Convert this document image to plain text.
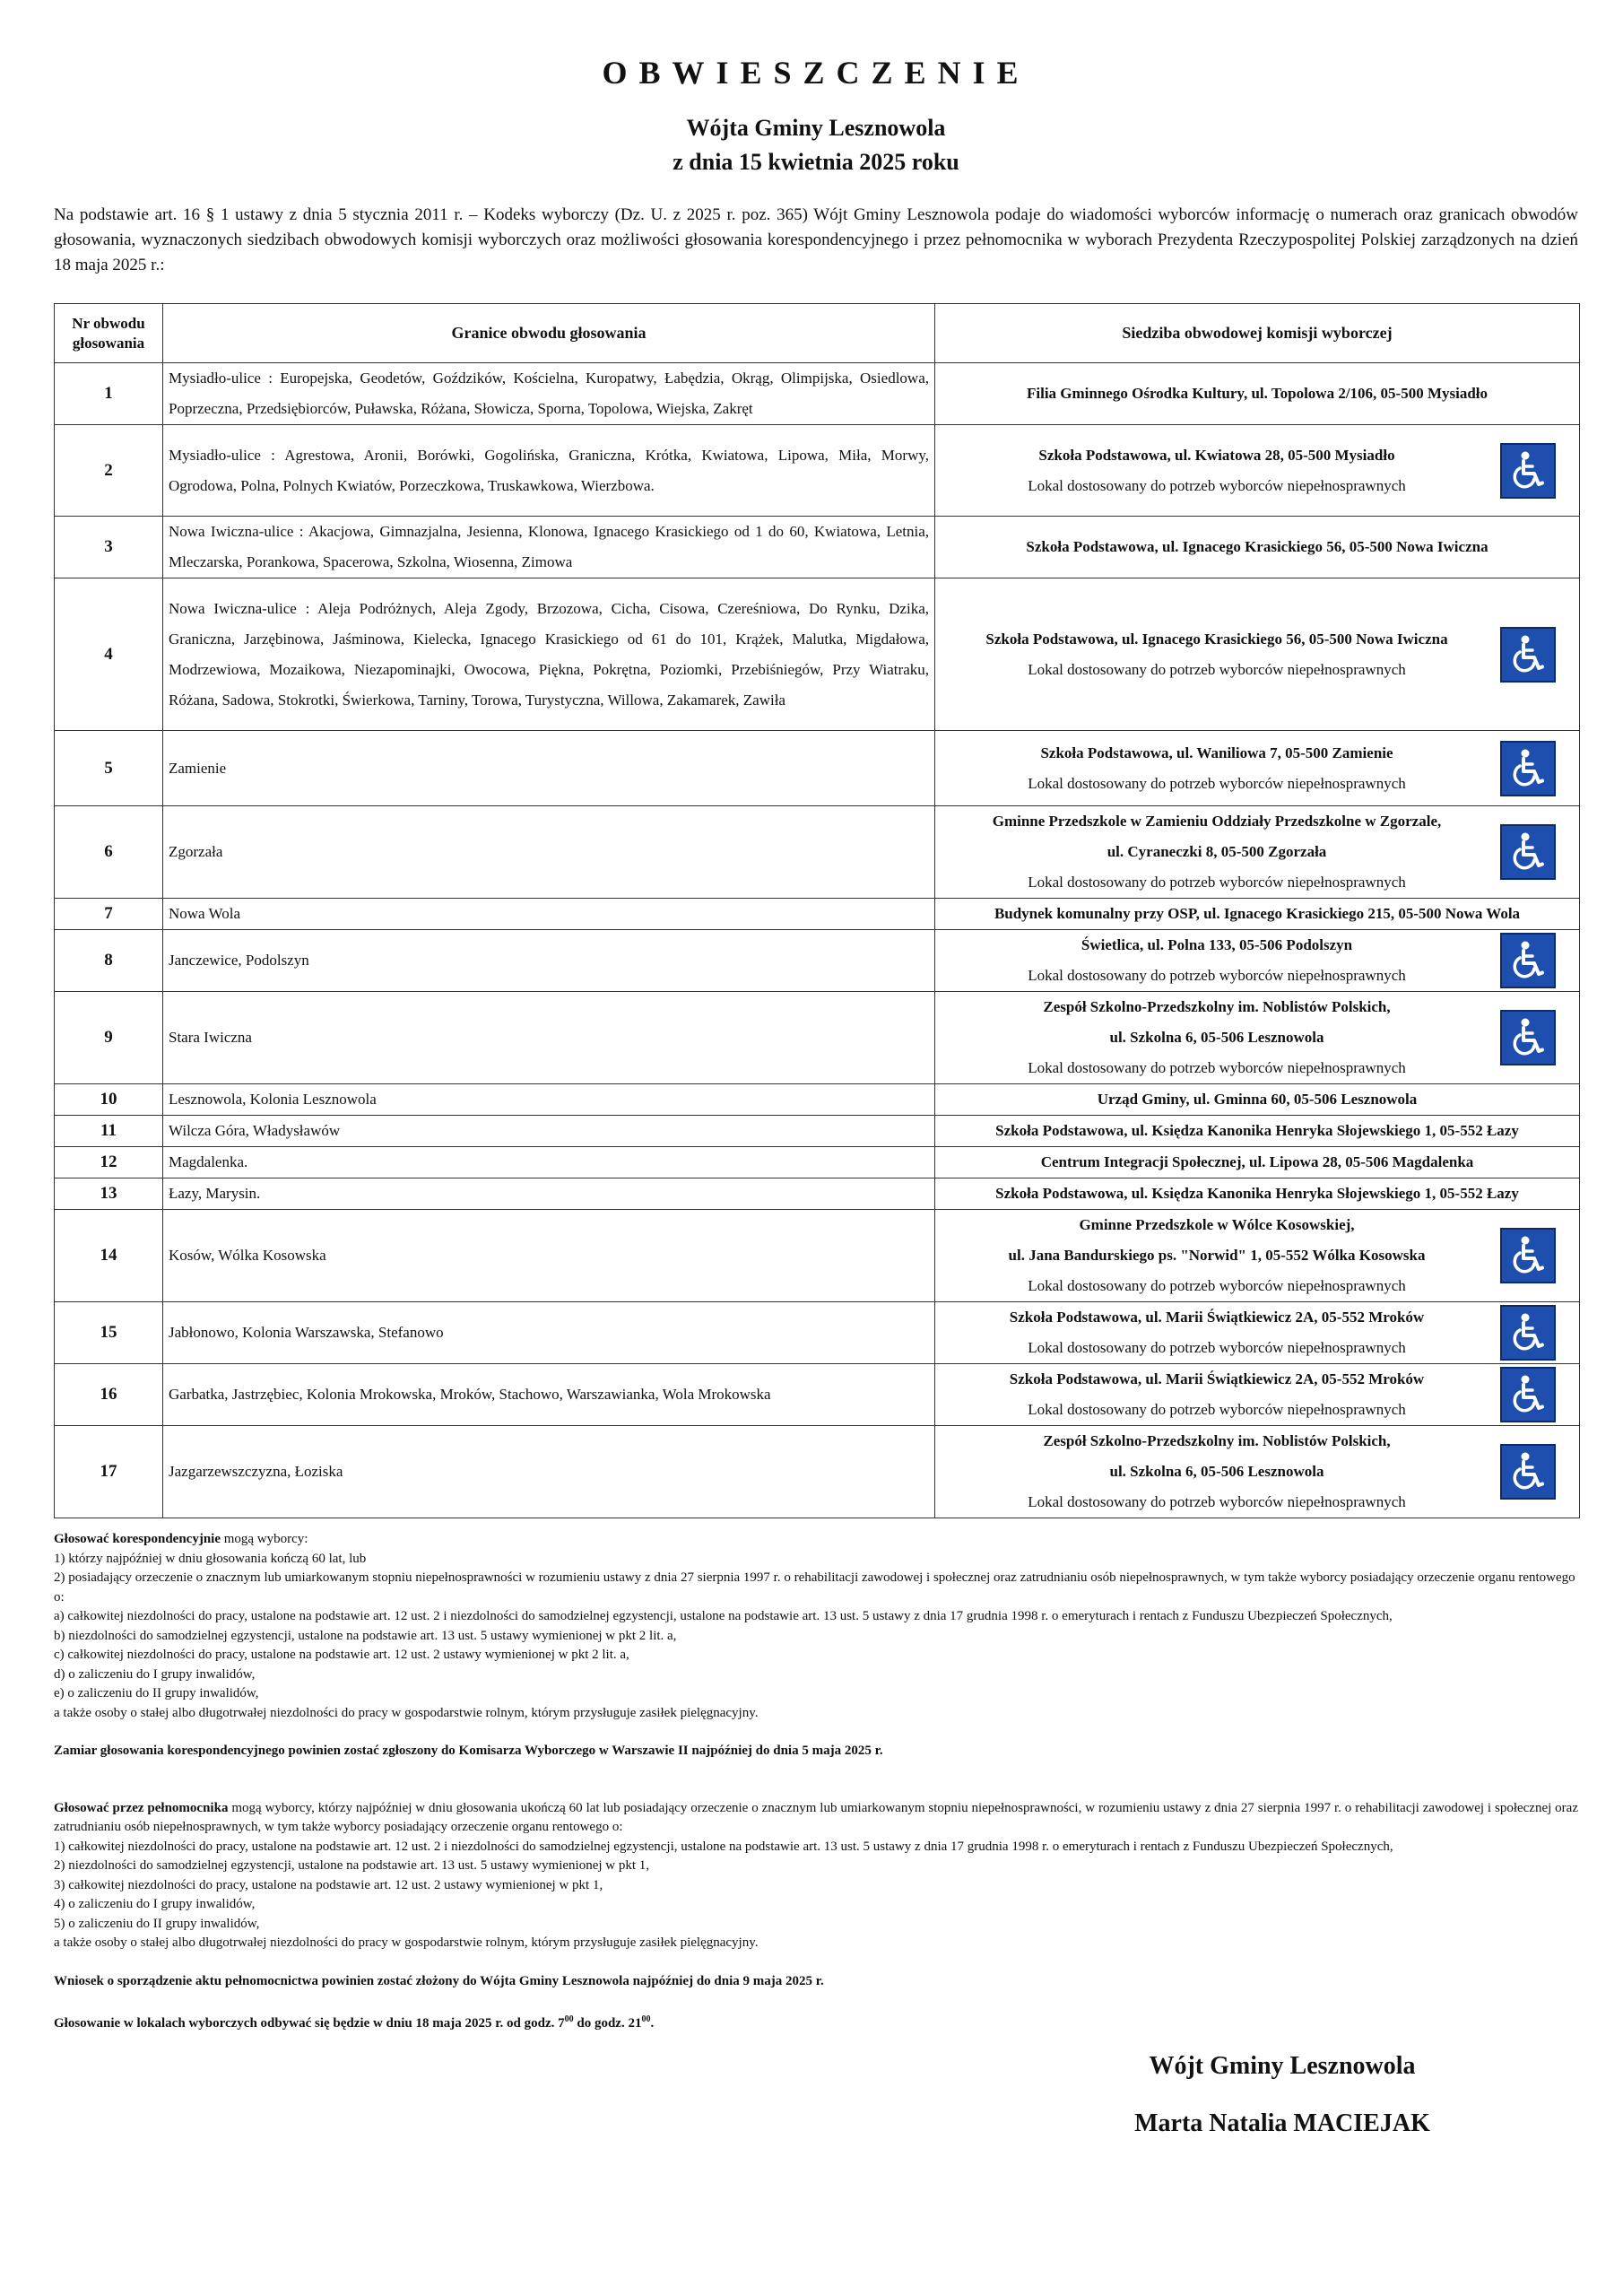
OBWIESZCZENIE
Wójta Gminy Lesznowola
z dnia 15 kwietnia 2025 roku
Na podstawie art. 16 § 1 ustawy z dnia 5 stycznia 2011 r. – Kodeks wyborczy (Dz. U. z 2025 r. poz. 365) Wójt Gminy Lesznowola podaje do wiadomości wyborców informację o numerach oraz granicach obwodów głosowania, wyznaczonych siedzibach obwodowych komisji wyborczych oraz możliwości głosowania korespondencyjnego i przez pełnomocnika w wyborach Prezydenta Rzeczypospolitej Polskiej zarządzonych na dzień 18 maja 2025 r.:
Nr obwodu głosowania	Granice obwodu głosowania	Siedziba obwodowej komisji wyborczej
1	Mysiadło-ulice : Europejska, Geodetów, Goździków, Kościelna, Kuropatwy, Łabędzia, Okrąg, Olimpijska, Osiedlowa, Poprzeczna, Przedsiębiorców, Puławska, Różana, Słowicza, Sporna, Topolowa, Wiejska, Zakręt	Filia Gminnego Ośrodka Kultury, ul. Topolowa 2/106, 05-500 Mysiadło

2	Mysiadło-ulice : Agrestowa, Aronii, Borówki, Gogolińska, Graniczna, Krótka, Kwiatowa, Lipowa, Miła, Morwy, Ogrodowa, Polna, Polnych Kwiatów, Porzeczkowa, Truskawkowa, Wierzbowa.	Szkoła Podstawowa, ul. Kwiatowa 28, 05-500 Mysiadło
Lokal dostosowany do potrzeb wyborców niepełnosprawnych

3	Nowa Iwiczna-ulice : Akacjowa, Gimnazjalna, Jesienna, Klonowa, Ignacego Krasickiego od 1 do 60, Kwiatowa, Letnia, Mleczarska, Porankowa, Spacerowa, Szkolna, Wiosenna, Zimowa	Szkoła Podstawowa, ul. Ignacego Krasickiego 56, 05-500 Nowa Iwiczna

4	Nowa Iwiczna-ulice : Aleja Podróżnych, Aleja Zgody, Brzozowa, Cicha, Cisowa, Czereśniowa, Do Rynku, Dzika, Graniczna, Jarzębinowa, Jaśminowa, Kielecka, Ignacego Krasickiego od 61 do 101, Krążek, Malutka, Migdałowa, Modrzewiowa, Mozaikowa, Niezapominajki, Owocowa, Piękna, Pokrętna, Poziomki, Przebiśniegów, Przy Wiatraku, Różana, Sadowa, Stokrotki, Świerkowa, Tarniny, Torowa, Turystyczna, Willowa, Zakamarek, Zawiła	Szkoła Podstawowa, ul. Ignacego Krasickiego 56, 05-500 Nowa Iwiczna
Lokal dostosowany do potrzeb wyborców niepełnosprawnych

5	Zamienie	Szkoła Podstawowa, ul. Waniliowa 7, 05-500 Zamienie
Lokal dostosowany do potrzeb wyborców niepełnosprawnych

6	Zgorzała	Gminne Przedszkole w Zamieniu Oddziały Przedszkolne w Zgorzale,
ul. Cyraneczki 8, 05-500 Zgorzała
Lokal dostosowany do potrzeb wyborców niepełnosprawnych

7	Nowa Wola	Budynek komunalny przy OSP, ul. Ignacego Krasickiego 215, 05-500 Nowa Wola

8	Janczewice, Podolszyn	Świetlica, ul. Polna 133, 05-506 Podolszyn
Lokal dostosowany do potrzeb wyborców niepełnosprawnych

9	Stara Iwiczna	Zespół Szkolno-Przedszkolny im. Noblistów Polskich,
ul. Szkolna 6, 05-506 Lesznowola
Lokal dostosowany do potrzeb wyborców niepełnosprawnych

10	Lesznowola, Kolonia Lesznowola	Urząd Gminy, ul. Gminna 60, 05-506 Lesznowola

11	Wilcza Góra, Władysławów	Szkoła Podstawowa, ul. Księdza Kanonika Henryka Słojewskiego 1, 05-552 Łazy

12	Magdalenka.	Centrum Integracji Społecznej, ul. Lipowa 28, 05-506 Magdalenka

13	Łazy, Marysin.	Szkoła Podstawowa, ul. Księdza Kanonika Henryka Słojewskiego 1, 05-552 Łazy

14	Kosów, Wólka Kosowska	Gminne Przedszkole w Wólce Kosowskiej,
ul. Jana Bandurskiego ps. "Norwid" 1, 05-552 Wólka Kosowska
Lokal dostosowany do potrzeb wyborców niepełnosprawnych

15	Jabłonowo, Kolonia Warszawska, Stefanowo	Szkoła Podstawowa, ul. Marii Świątkiewicz 2A, 05-552 Mroków
Lokal dostosowany do potrzeb wyborców niepełnosprawnych

16	Garbatka, Jastrzębiec, Kolonia Mrokowska, Mroków, Stachowo, Warszawianka, Wola Mrokowska	Szkoła Podstawowa, ul. Marii Świątkiewicz 2A, 05-552 Mroków
Lokal dostosowany do potrzeb wyborców niepełnosprawnych

17	Jazgarzewszczyzna, Łoziska	Zespół Szkolno-Przedszkolny im. Noblistów Polskich,
ul. Szkolna 6, 05-506 Lesznowola
Lokal dostosowany do potrzeb wyborców niepełnosprawnych

Głosować korespondencyjnie mogą wyborcy:

1) którzy najpóźniej w dniu głosowania kończą 60 lat, lub

2) posiadający orzeczenie o znacznym lub umiarkowanym stopniu niepełnosprawności w rozumieniu ustawy z dnia 27 sierpnia 1997 r. o rehabilitacji zawodowej i społecznej oraz zatrudnianiu osób niepełnosprawnych, w tym także wyborcy posiadający orzeczenie organu rentowego o:

a) całkowitej niezdolności do pracy, ustalone na podstawie art. 12 ust. 2 i niezdolności do samodzielnej egzystencji, ustalone na podstawie art. 13 ust. 5 ustawy z dnia 17 grudnia 1998 r. o emeryturach i rentach z Funduszu Ubezpieczeń Społecznych,

b) niezdolności do samodzielnej egzystencji, ustalone na podstawie art. 13 ust. 5 ustawy wymienionej w pkt 2 lit. a,

c) całkowitej niezdolności do pracy, ustalone na podstawie art. 12 ust. 2 ustawy wymienionej w pkt 2 lit. a,

d) o zaliczeniu do I grupy inwalidów,

e) o zaliczeniu do II grupy inwalidów,

a także osoby o stałej albo długotrwałej niezdolności do pracy w gospodarstwie rolnym, którym przysługuje zasiłek pielęgnacyjny.

Zamiar głosowania korespondencyjnego powinien zostać zgłoszony do Komisarza Wyborczego w Warszawie II najpóźniej do dnia 5 maja 2025 r.

Głosować przez pełnomocnika mogą wyborcy, którzy najpóźniej w dniu głosowania ukończą 60 lat lub posiadający orzeczenie o znacznym lub umiarkowanym stopniu niepełnosprawności, w rozumieniu ustawy z dnia 27 sierpnia 1997 r. o rehabilitacji zawodowej i społecznej oraz zatrudnianiu osób niepełnosprawnych, w tym także wyborcy posiadający orzeczenie organu rentowego o:

1) całkowitej niezdolności do pracy, ustalone na podstawie art. 12 ust. 2 i niezdolności do samodzielnej egzystencji, ustalone na podstawie art. 13 ust. 5 ustawy z dnia 17 grudnia 1998 r. o emeryturach i rentach z Funduszu Ubezpieczeń Społecznych,

2) niezdolności do samodzielnej egzystencji, ustalone na podstawie art. 13 ust. 5 ustawy wymienionej w pkt 1,

3) całkowitej niezdolności do pracy, ustalone na podstawie art. 12 ust. 2 ustawy wymienionej w pkt 1,

4) o zaliczeniu do I grupy inwalidów,

5) o zaliczeniu do II grupy inwalidów,

a także osoby o stałej albo długotrwałej niezdolności do pracy w gospodarstwie rolnym, którym przysługuje zasiłek pielęgnacyjny.

Wniosek o sporządzenie aktu pełnomocnictwa powinien zostać złożony do Wójta Gminy Lesznowola najpóźniej do dnia 9 maja 2025 r.

Głosowanie w lokalach wyborczych odbywać się będzie w dniu 18 maja 2025 r. od godz. $7^{00}$ do godz. $21^{00}$.

Wójt Gminy Lesznowola
Marta Natalia MACIEJAK
